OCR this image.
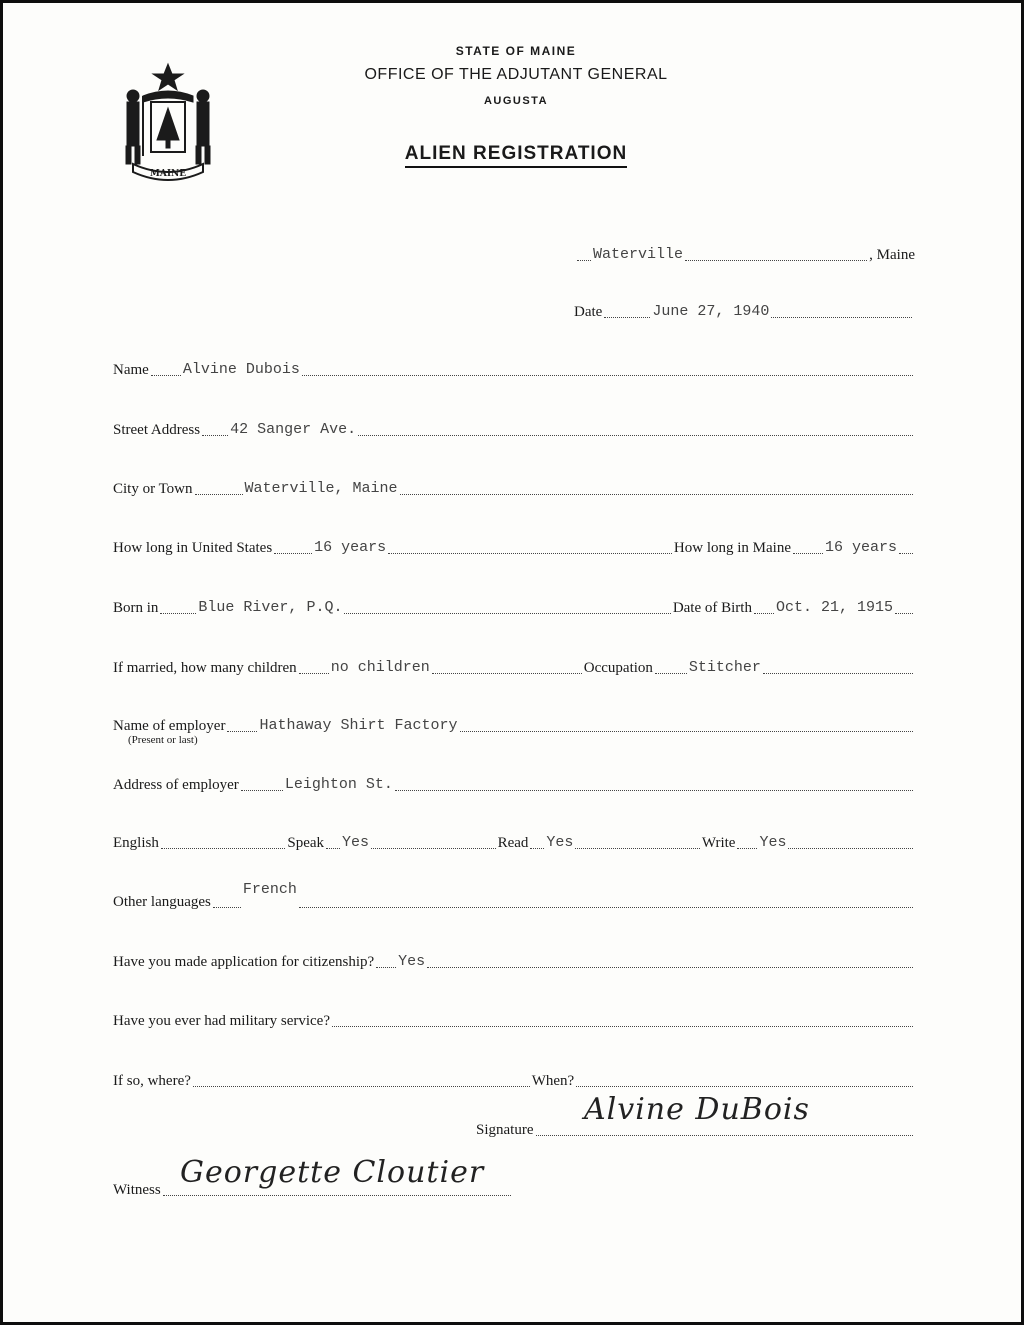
MAINE
STATE OF MAINE
OFFICE OF THE ADJUTANT GENERAL
AUGUSTA
ALIEN REGISTRATION
Waterville	, Maine
Date	June 27, 1940
Name Alvine Dubois
Street Address 42 Sanger Ave.
City or Town	Waterville, Maine
How long in United States	16 years	How long in Maine 16 years
Born in	Blue River, P.Q.	Date of Birth Oct. 21, 1915
If married, how many children no children	Occupation Stitcher
Name of employer Hathaway Shirt Factory
(Present or last)
Address of employer	Leighton St.
English	Speak Yes	Read Yes	Write Yes
Other languages
French
Have you made application for citizenship? Yes
Have you ever had military service?
If so, where?	When?
Signature
Alvine DuBois
Witness Georgette Cloutier
